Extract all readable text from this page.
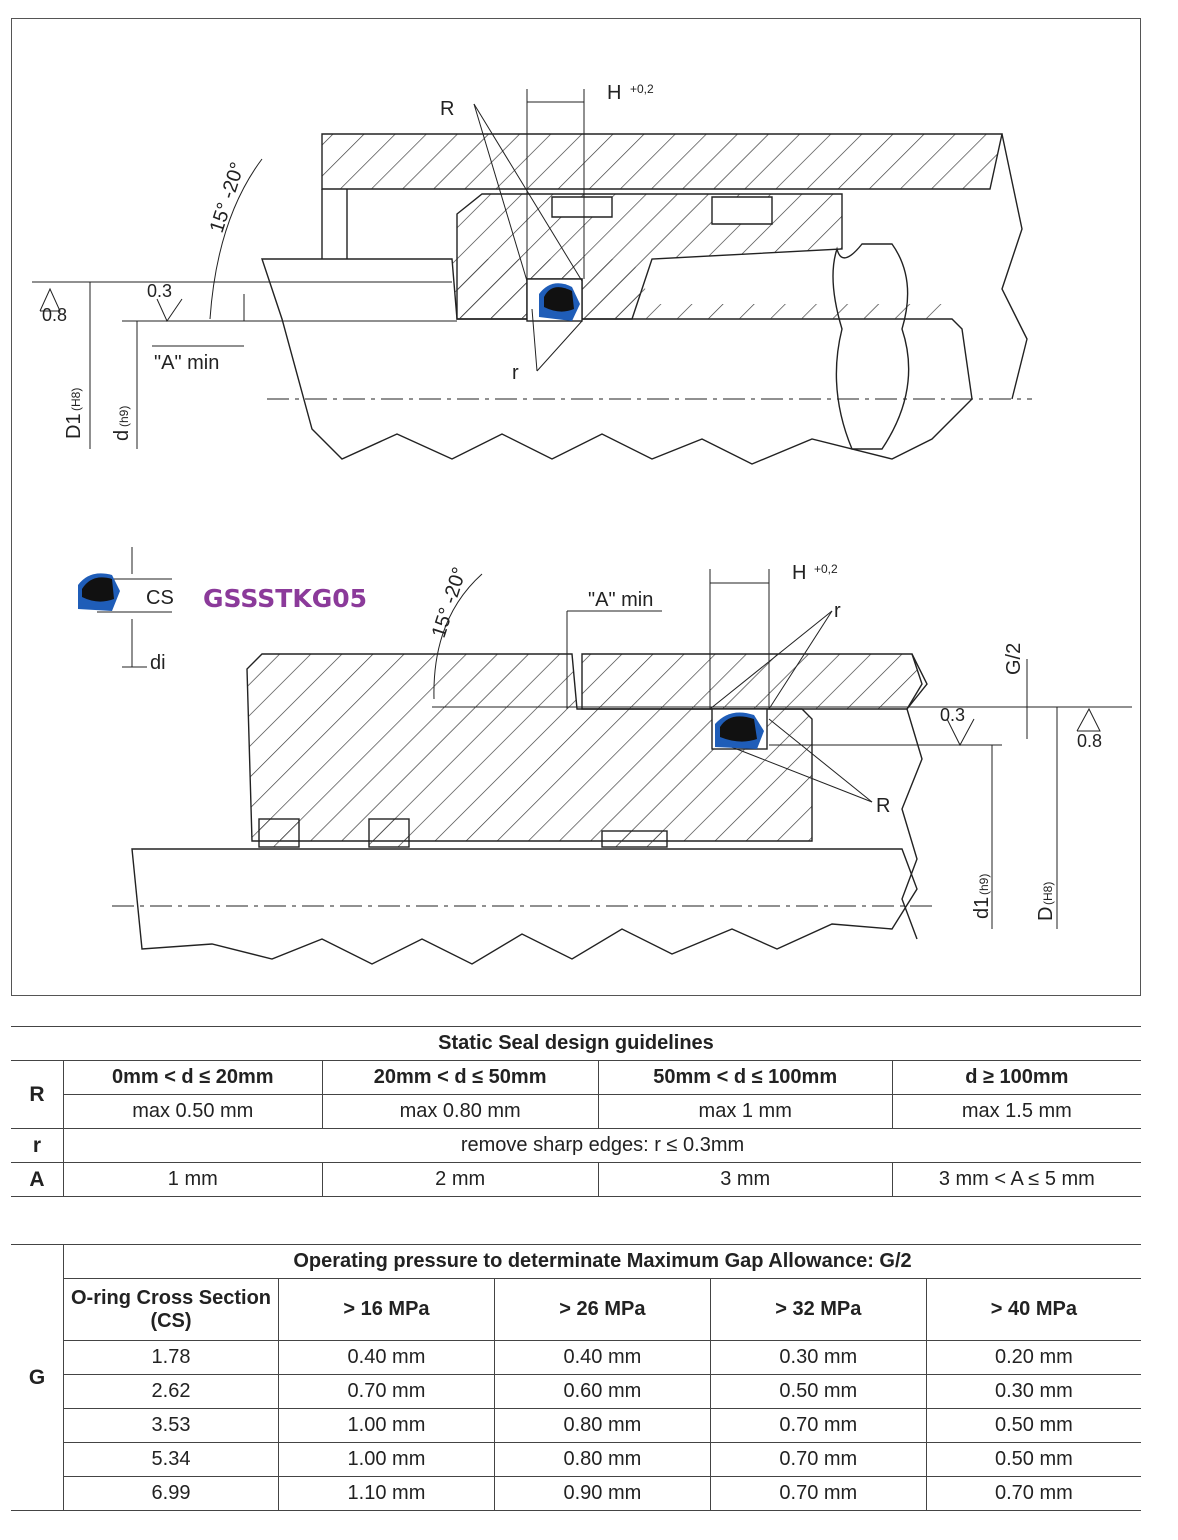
R
H +0,2
15° -20°
0.3
0.8
"A" min	r
D1
(H8)
d
(h9)
CS
di
GSSSTKG05	15° -20°	"A" min
H +0,2
r
G/2
0.3
0.8
R
d1
(h9)
D
(H8)
Static Seal design guidelines				
R	0mm < d ≤ 20mm	20mm < d ≤ 50mm	50mm < d ≤ 100mm	d ≥ 100mm
	max 0.50 mm	max 0.80 mm	max 1 mm	max 1.5 mm
r	remove sharp edges: r ≤ 0.3mm			
A	1 mm	2 mm	3 mm	3 mm < A ≤ 5 mm
G	Operating pressure to determinate Maximum Gap Allowance: G/2				
	O-ring Cross Section (CS)	> 16 MPa	> 26 MPa	> 32 MPa	> 40 MPa
	1.78	0.40 mm	0.40 mm	0.30 mm	0.20 mm
	2.62	0.70 mm	0.60 mm	0.50 mm	0.30 mm
	3.53	1.00 mm	0.80 mm	0.70 mm	0.50 mm
	5.34	1.00 mm	0.80 mm	0.70 mm	0.50 mm
	6.99	1.10 mm	0.90 mm	0.70 mm	0.70 mm
